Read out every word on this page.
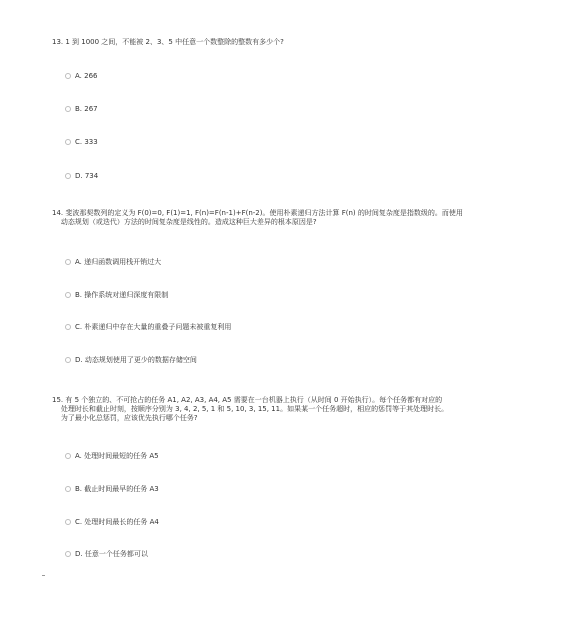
13. 1 到 1000 之间，不能被 2、3、5 中任意一个数整除的整数有多少个?
A. 266
B. 267
C. 333
D. 734
14. 斐波那契数列的定义为 F(0)=0, F(1)=1, F(n)=F(n-1)+F(n-2)。使用朴素递归方法计算 F(n) 的时间复杂度是指数级的。而使用
动态规划（或迭代）方法的时间复杂度是线性的。造成这种巨大差异的根本原因是?
A. 递归函数调用栈开销过大
B. 操作系统对递归深度有限制
C. 朴素递归中存在大量的重叠子问题未被重复利用
D. 动态规划使用了更少的数据存储空间
15. 有 5 个独立的、不可抢占的任务 A1, A2, A3, A4, A5 需要在一台机器上执行（从时间 0 开始执行）。每个任务都有对应的
处理时长和截止时刻，按顺序分别为 3, 4, 2, 5, 1 和 5, 10, 3, 15, 11。如果某一个任务超时，相应的惩罚等于其处理时长。
为了最小化总惩罚，应该优先执行哪个任务?
A. 处理时间最短的任务 A5
B. 截止时间最早的任务 A3
C. 处理时间最长的任务 A4
D. 任意一个任务都可以
